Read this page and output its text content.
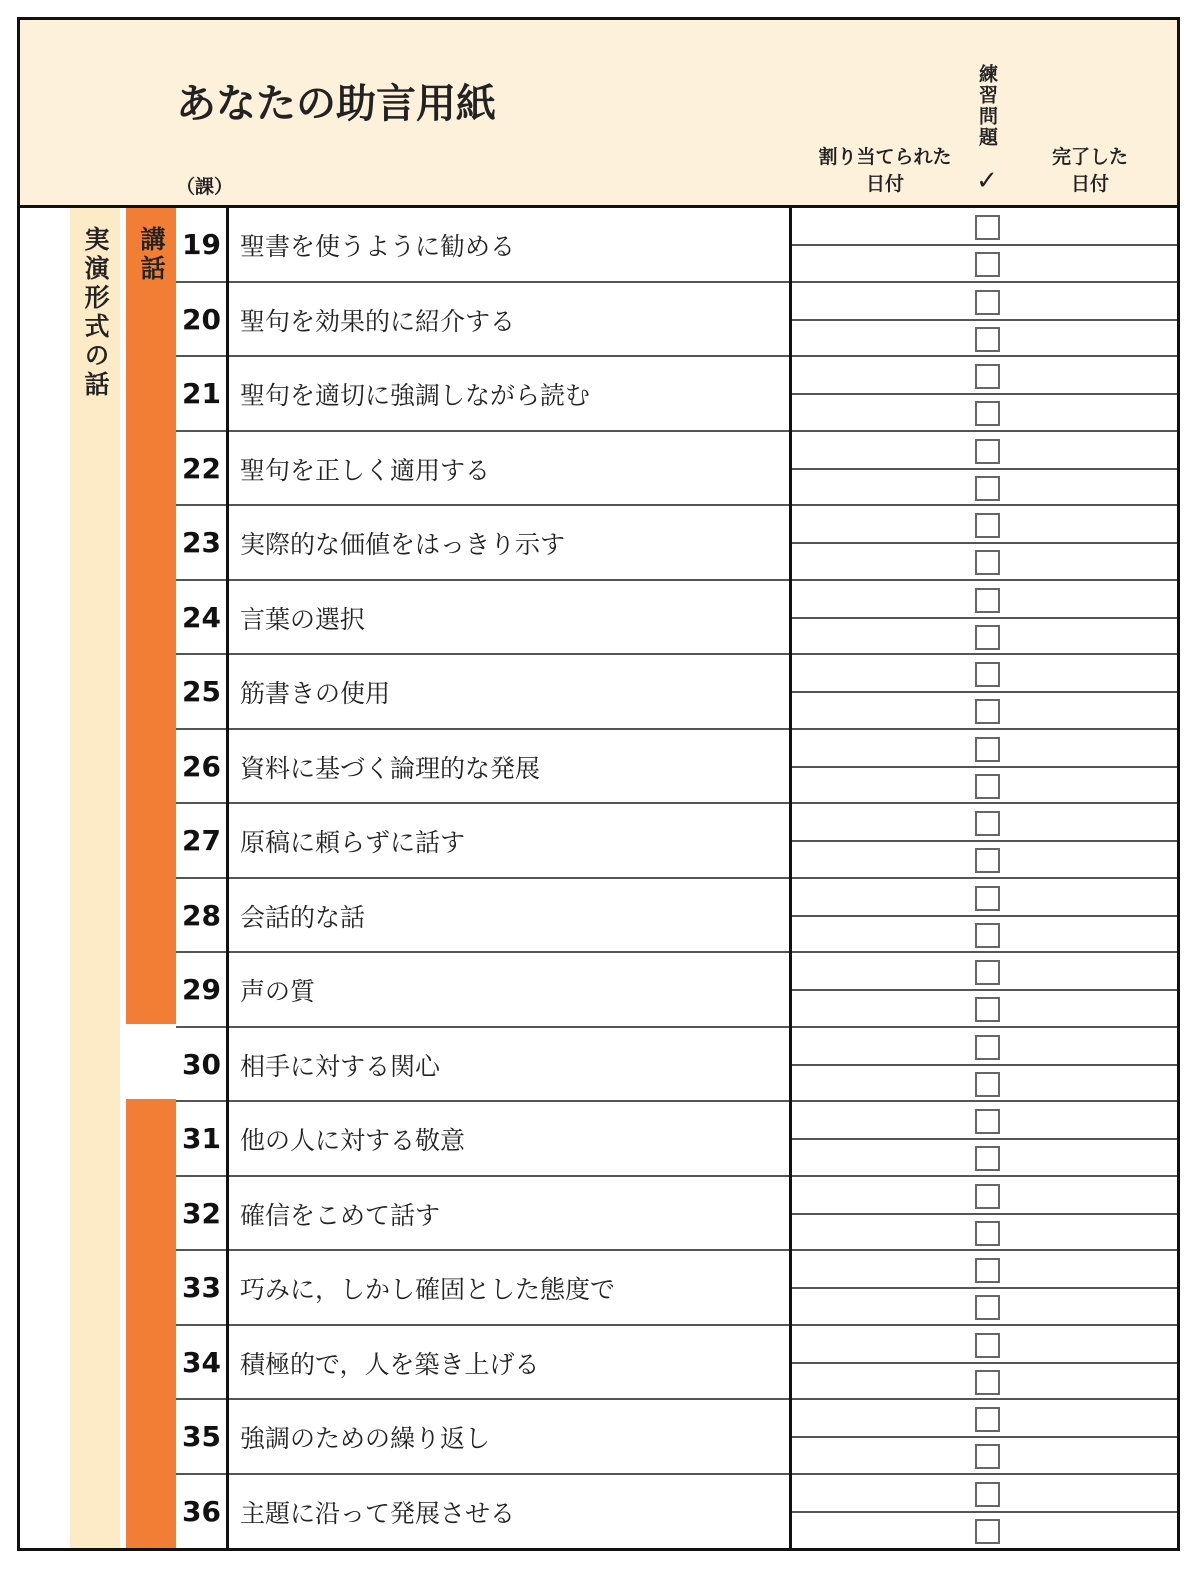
あなたの助言用紙
（課）
割り当てられた
日付
練習問題
✓
完了した
日付
実演形式の話 講話 19 聖書を使うように勧める
20 聖句を効果的に紹介する
21 聖句を適切に強調しながら読む
22 聖句を正しく適用する
23 実際的な価値をはっきり示す
24 言葉の選択
25 筋書きの使用
26 資料に基づく論理的な発展
27 原稿に頼らずに話す
28 会話的な話
29 声の質
30 相手に対する関心
31 他の人に対する敬意
32 確信をこめて話す
33 巧みに，しかし確固とした態度で
34 積極的で，人を築き上げる
35 強調のための繰り返し
36 主題に沿って発展させる
